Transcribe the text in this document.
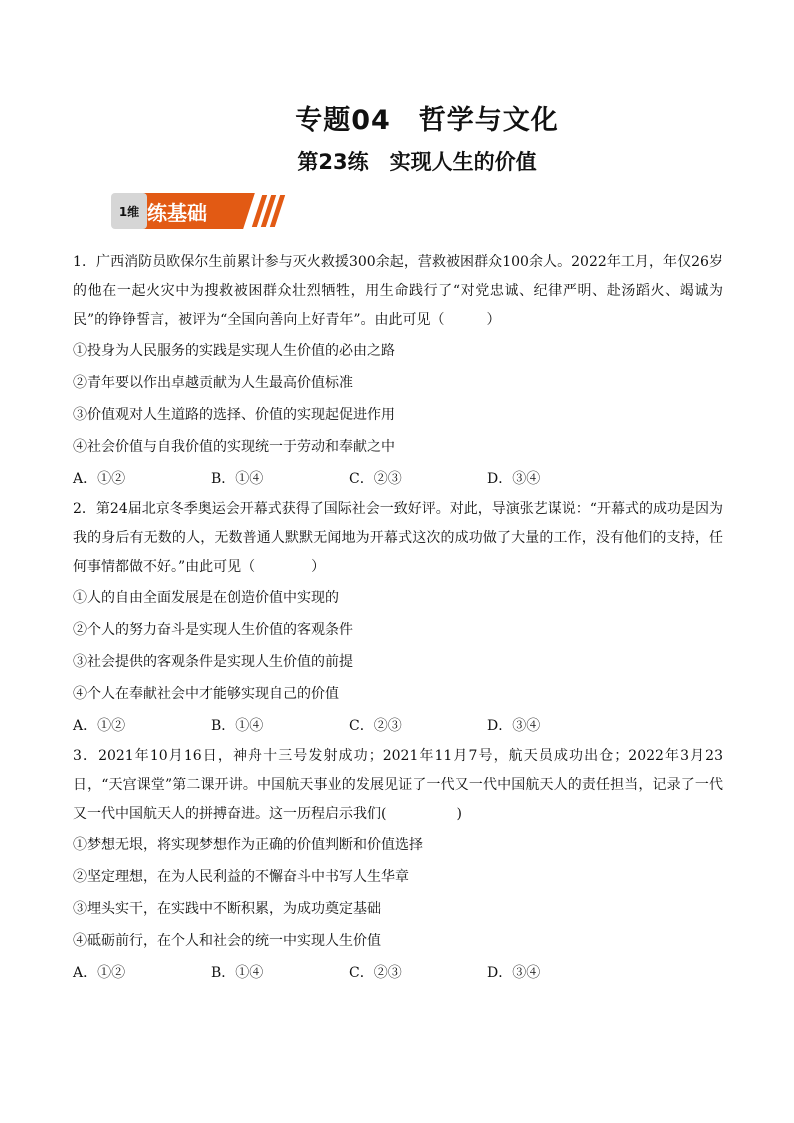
专题04　哲学与文化
第23练　实现人生的价值
1维 练基础

1．广西消防员欧保尔生前累计参与灭火救援300余起，营救被困群众100余人。2022年工月，年仅26岁的他在一起火灾中为搜救被困群众壮烈牺牲，用生命践行了“对党忠诚、纪律严明、赴汤蹈火、竭诚为民”的铮铮誓言，被评为“全国向善向上好青年”。由此可见（　　　）

①投身为人民服务的实践是实现人生价值的必由之路

②青年要以作出卓越贡献为人生最高价值标准

③价值观对人生道路的选择、价值的实现起促进作用

④社会价值与自我价值的实现统一于劳动和奉献之中

A．①②	B．①④	C．②③	D．③④

2．第24届北京冬季奥运会开幕式获得了国际社会一致好评。对此，导演张艺谋说：“开幕式的成功是因为我的身后有无数的人，无数普通人默默无闻地为开幕式这次的成功做了大量的工作，没有他们的支持，任何事情都做不好。”由此可见（　　　　）

①人的自由全面发展是在创造价值中实现的

②个人的努力奋斗是实现人生价值的客观条件

③社会提供的客观条件是实现人生价值的前提

④个人在奉献社会中才能够实现自己的价值

A．①②	B．①④	C．②③	D．③④

3．2021年10月16日，神舟十三号发射成功；2021年11月7号，航天员成功出仓；2022年3月23日，“天宫课堂”第二课开讲。中国航天事业的发展见证了一代又一代中国航天人的责任担当，记录了一代又一代中国航天人的拼搏奋进。这一历程启示我们(　　　　　)

①梦想无垠，将实现梦想作为正确的价值判断和价值选择

②坚定理想，在为人民利益的不懈奋斗中书写人生华章

③埋头实干，在实践中不断积累，为成功奠定基础

④砥砺前行，在个人和社会的统一中实现人生价值

A．①②	B．①④	C．②③	D．③④
